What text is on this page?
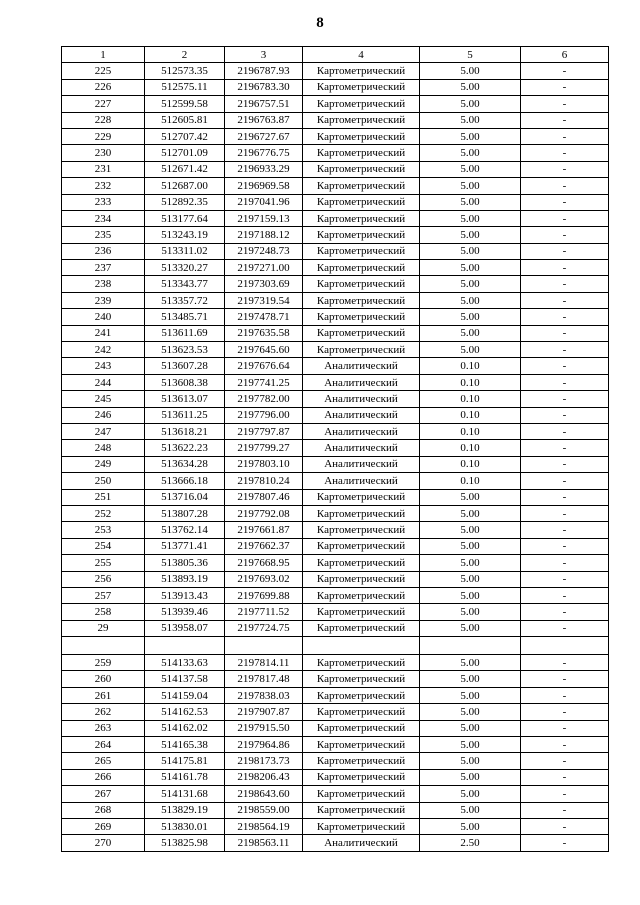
8
1	2	3	4	5	6
225	512573.35	2196787.93	Картометрический	5.00	-
226	512575.11	2196783.30	Картометрический	5.00	-
227	512599.58	2196757.51	Картометрический	5.00	-
228	512605.81	2196763.87	Картометрический	5.00	-
229	512707.42	2196727.67	Картометрический	5.00	-
230	512701.09	2196776.75	Картометрический	5.00	-
231	512671.42	2196933.29	Картометрический	5.00	-
232	512687.00	2196969.58	Картометрический	5.00	-
233	512892.35	2197041.96	Картометрический	5.00	-
234	513177.64	2197159.13	Картометрический	5.00	-
235	513243.19	2197188.12	Картометрический	5.00	-
236	513311.02	2197248.73	Картометрический	5.00	-
237	513320.27	2197271.00	Картометрический	5.00	-
238	513343.77	2197303.69	Картометрический	5.00	-
239	513357.72	2197319.54	Картометрический	5.00	-
240	513485.71	2197478.71	Картометрический	5.00	-
241	513611.69	2197635.58	Картометрический	5.00	-
242	513623.53	2197645.60	Картометрический	5.00	-
243	513607.28	2197676.64	Аналитический	0.10	-
244	513608.38	2197741.25	Аналитический	0.10	-
245	513613.07	2197782.00	Аналитический	0.10	-
246	513611.25	2197796.00	Аналитический	0.10	-
247	513618.21	2197797.87	Аналитический	0.10	-
248	513622.23	2197799.27	Аналитический	0.10	-
249	513634.28	2197803.10	Аналитический	0.10	-
250	513666.18	2197810.24	Аналитический	0.10	-
251	513716.04	2197807.46	Картометрический	5.00	-
252	513807.28	2197792.08	Картометрический	5.00	-
253	513762.14	2197661.87	Картометрический	5.00	-
254	513771.41	2197662.37	Картометрический	5.00	-
255	513805.36	2197668.95	Картометрический	5.00	-
256	513893.19	2197693.02	Картометрический	5.00	-
257	513913.43	2197699.88	Картометрический	5.00	-
258	513939.46	2197711.52	Картометрический	5.00	-
29	513958.07	2197724.75	Картометрический	5.00	-

259	514133.63	2197814.11	Картометрический	5.00	-
260	514137.58	2197817.48	Картометрический	5.00	-
261	514159.04	2197838.03	Картометрический	5.00	-
262	514162.53	2197907.87	Картометрический	5.00	-
263	514162.02	2197915.50	Картометрический	5.00	-
264	514165.38	2197964.86	Картометрический	5.00	-
265	514175.81	2198173.73	Картометрический	5.00	-
266	514161.78	2198206.43	Картометрический	5.00	-
267	514131.68	2198643.60	Картометрический	5.00	-
268	513829.19	2198559.00	Картометрический	5.00	-
269	513830.01	2198564.19	Картометрический	5.00	-
270	513825.98	2198563.11	Аналитический	2.50	-
